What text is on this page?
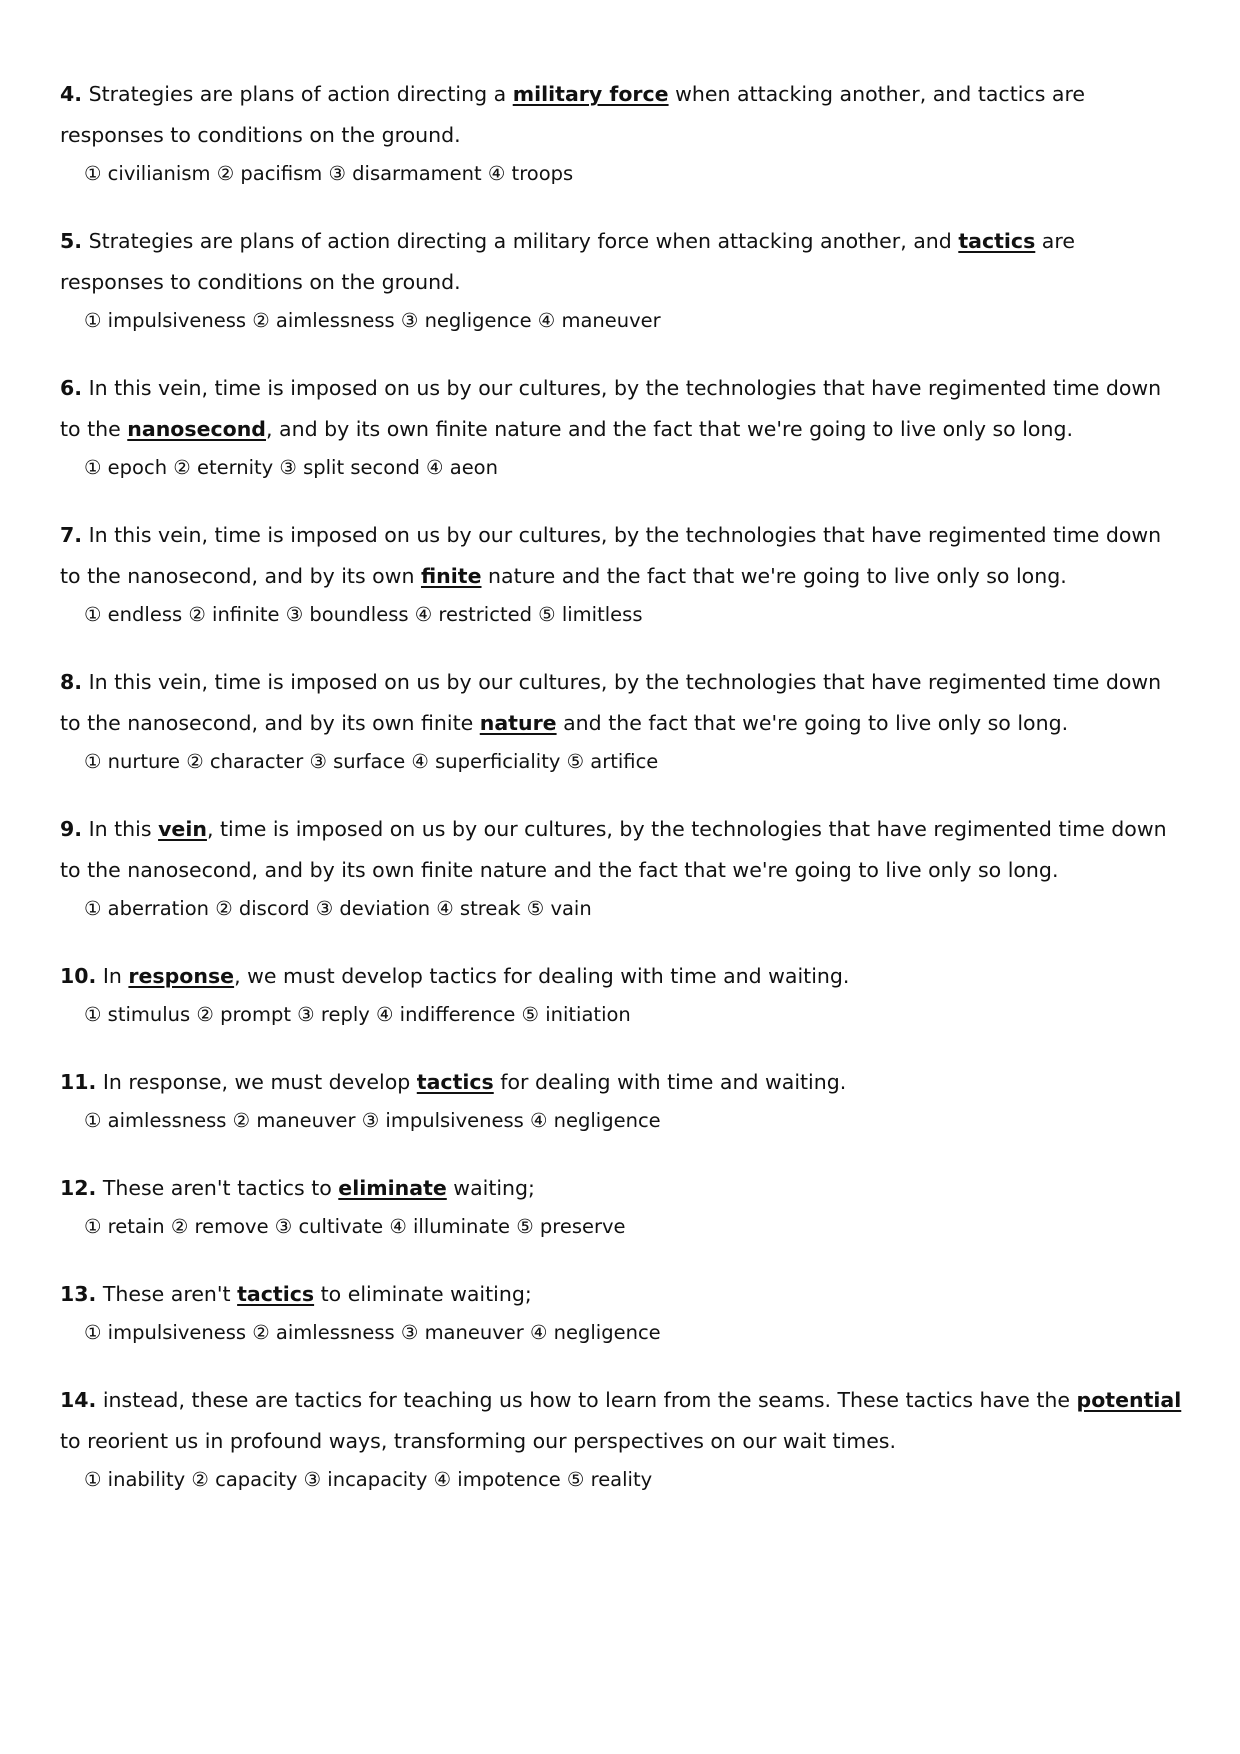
4. Strategies are plans of action directing a military force when attacking another, and tactics are responses to conditions on the ground.

① civilianism ② pacifism ③ disarmament ④ troops

5. Strategies are plans of action directing a military force when attacking another, and tactics are responses to conditions on the ground.

① impulsiveness ② aimlessness ③ negligence ④ maneuver

6. In this vein, time is imposed on us by our cultures, by the technologies that have regimented time down to the nanosecond, and by its own finite nature and the fact that we're going to live only so long.

① epoch ② eternity ③ split second ④ aeon

7. In this vein, time is imposed on us by our cultures, by the technologies that have regimented time down to the nanosecond, and by its own finite nature and the fact that we're going to live only so long.

① endless ② infinite ③ boundless ④ restricted ⑤ limitless

8. In this vein, time is imposed on us by our cultures, by the technologies that have regimented time down to the nanosecond, and by its own finite nature and the fact that we're going to live only so long.

① nurture ② character ③ surface ④ superficiality ⑤ artifice

9. In this vein, time is imposed on us by our cultures, by the technologies that have regimented time down to the nanosecond, and by its own finite nature and the fact that we're going to live only so long.

① aberration ② discord ③ deviation ④ streak ⑤ vain

10. In response, we must develop tactics for dealing with time and waiting.

① stimulus ② prompt ③ reply ④ indifference ⑤ initiation

11. In response, we must develop tactics for dealing with time and waiting.

① aimlessness ② maneuver ③ impulsiveness ④ negligence

12. These aren't tactics to eliminate waiting;

① retain ② remove ③ cultivate ④ illuminate ⑤ preserve

13. These aren't tactics to eliminate waiting;

① impulsiveness ② aimlessness ③ maneuver ④ negligence

14. instead, these are tactics for teaching us how to learn from the seams. These tactics have the potential to reorient us in profound ways, transforming our perspectives on our wait times.

① inability ② capacity ③ incapacity ④ impotence ⑤ reality
